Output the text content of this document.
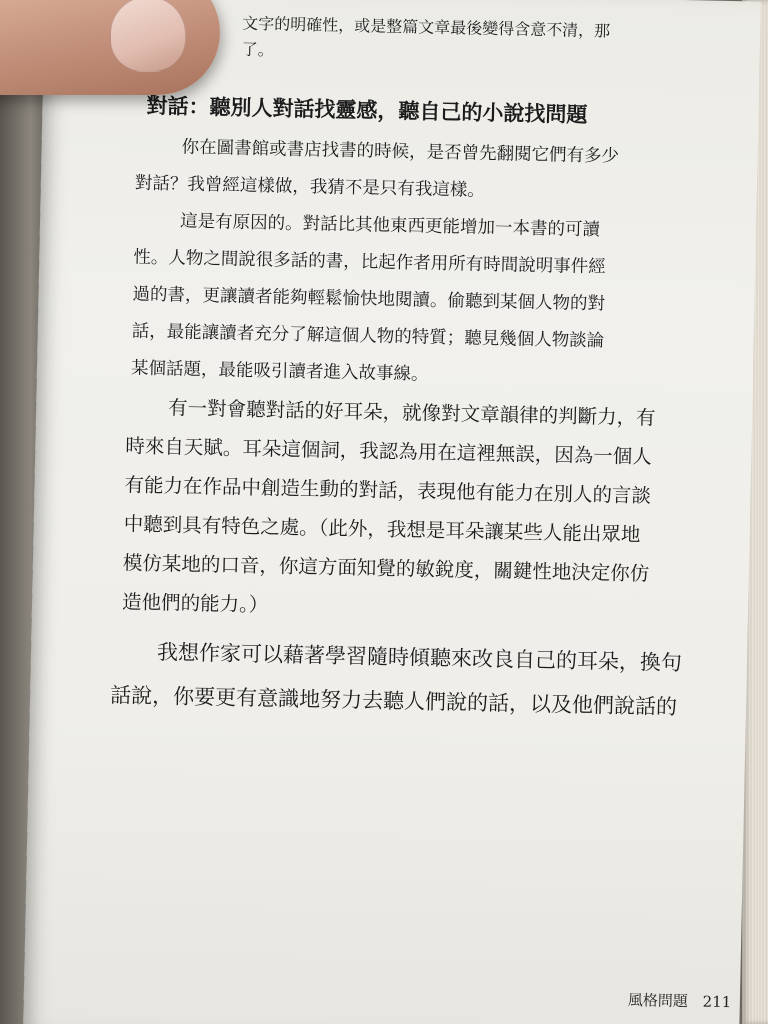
文字的明確性，或是整篇文章最後變得含意不清，那

了。

對話：聽別人對話找靈感，聽自己的小說找問題

你在圖書館或書店找書的時候，是否曾先翻閱它們有多少
對話？我曾經這樣做，我猜不是只有我這樣。
這是有原因的。對話比其他東西更能增加一本書的可讀
性。人物之間說很多話的書，比起作者用所有時間說明事件經
過的書，更讓讀者能夠輕鬆愉快地閱讀。偷聽到某個人物的對
話，最能讓讀者充分了解這個人物的特質；聽見幾個人物談論
某個話題，最能吸引讀者進入故事線。

有一對會聽對話的好耳朵，就像對文章韻律的判斷力，有
時來自天賦。耳朵這個詞，我認為用在這裡無誤，因為一個人
有能力在作品中創造生動的對話，表現他有能力在別人的言談
中聽到具有特色之處。（此外，我想是耳朵讓某些人能出眾地
模仿某地的口音，你這方面知覺的敏銳度，關鍵性地決定你仿
造他們的能力。）

我想作家可以藉著學習隨時傾聽來改良自己的耳朵，換句
話說，你要更有意識地努力去聽人們說的話，以及他們說話的

風格問題 211
